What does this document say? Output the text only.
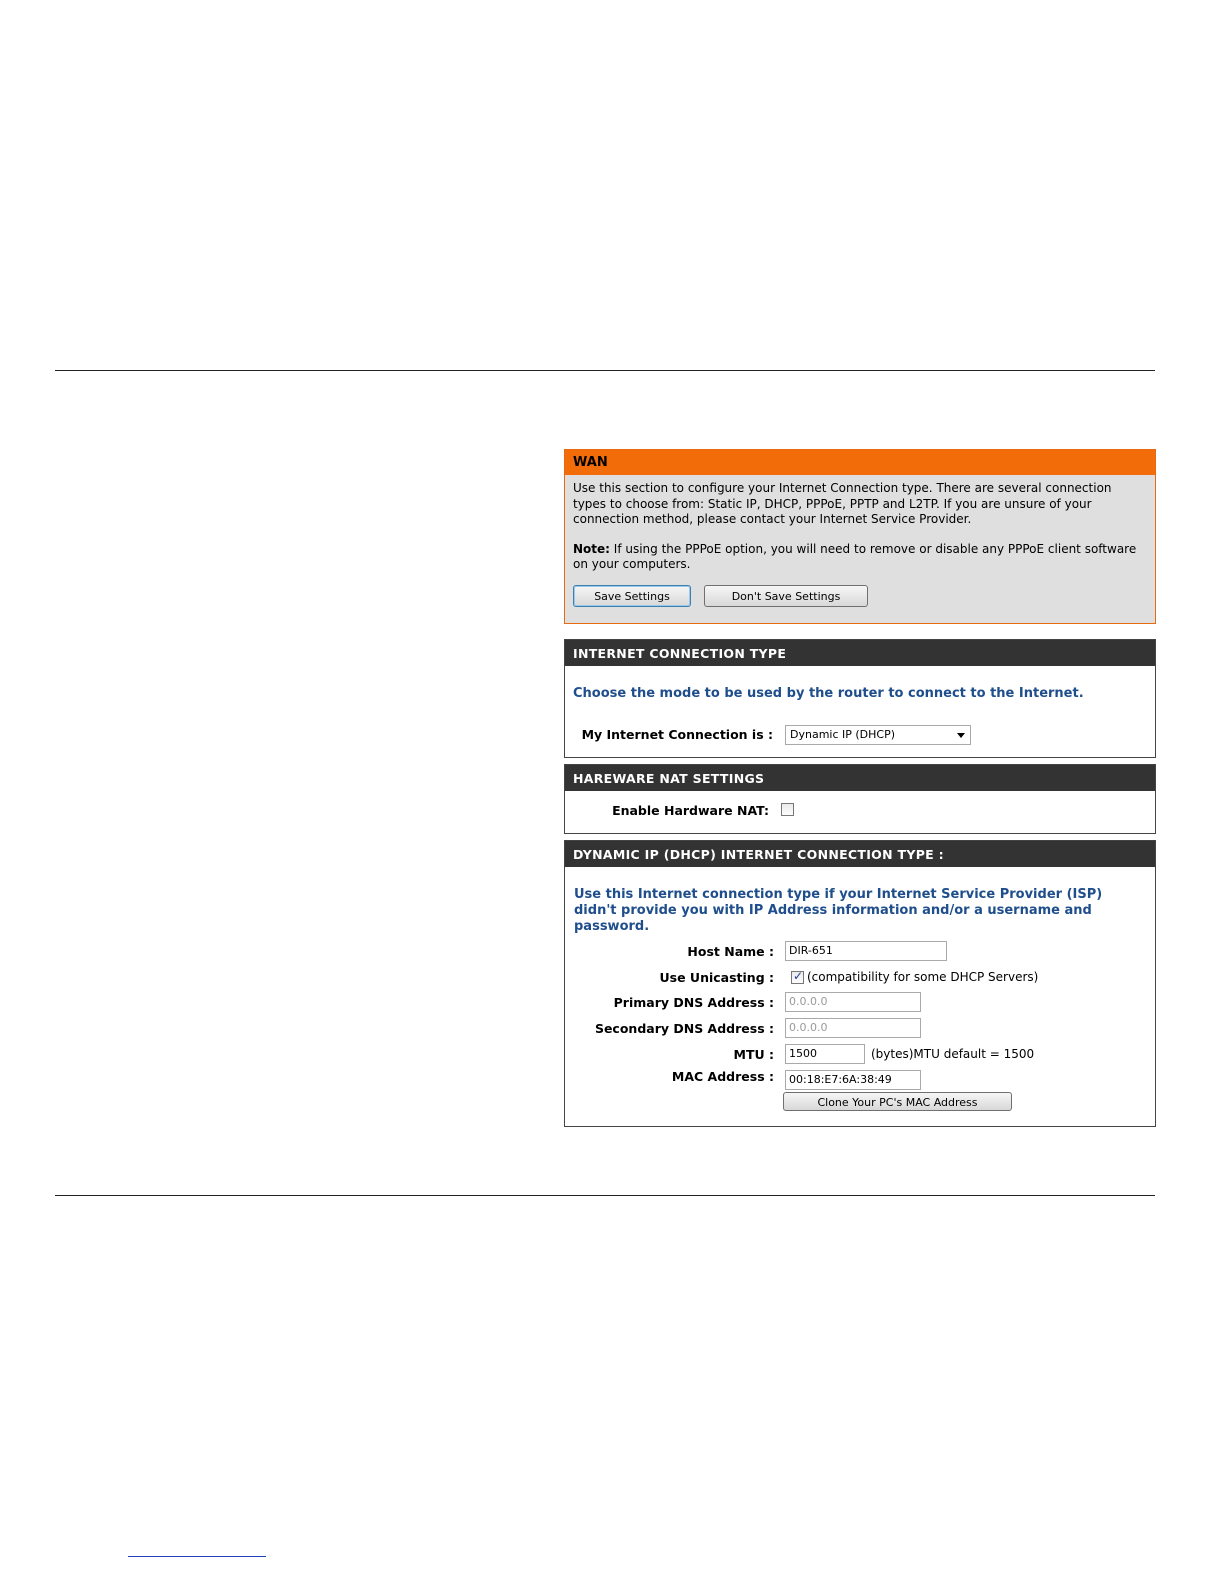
WAN

Use this section to configure your Internet Connection type. There are several connection types to choose from: Static IP, DHCP, PPPoE, PPTP and L2TP. If you are unsure of your connection method, please contact your Internet Service Provider.

Note: If using the PPPoE option, you will need to remove or disable any PPPoE client software on your computers.

Save Settings	Don't Save Settings
INTERNET CONNECTION TYPE
Choose the mode to be used by the router to connect to the Internet.
My Internet Connection is :	Dynamic IP (DHCP)
HAREWARE NAT SETTINGS
Enable Hardware NAT:
DYNAMIC IP (DHCP) INTERNET CONNECTION TYPE :
Use this Internet connection type if your Internet Service Provider (ISP) didn't provide you with IP Address information and/or a username and password.
Host Name :	DIR-651
Use Unicasting : ✓ (compatibility for some DHCP Servers)
Primary DNS Address :	0.0.0.0
Secondary DNS Address :	0.0.0.0
MTU :	1500	(bytes)MTU default = 1500
MAC Address :	00:18:E7:6A:38:49
Clone Your PC's MAC Address
